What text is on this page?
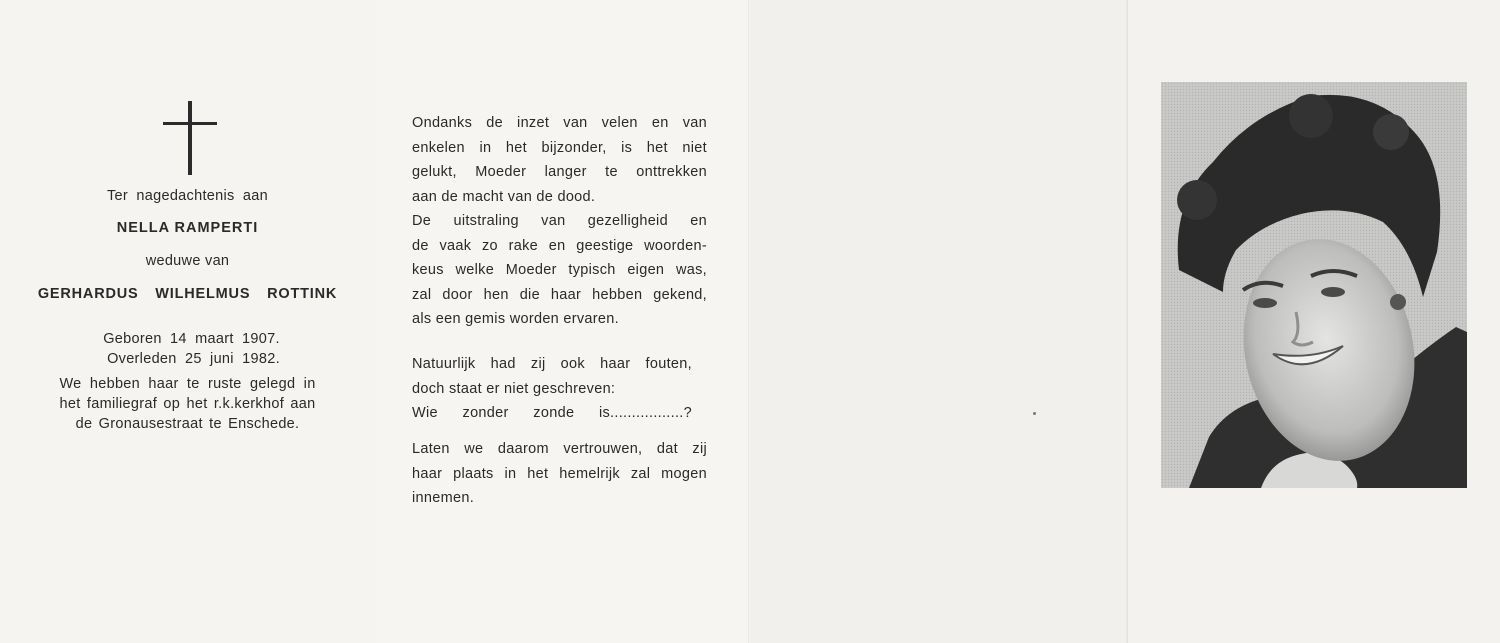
Ter nagedachtenis aan
NELLA RAMPERTI
weduwe van
GERHARDUS WILHELMUS ROTTINK
Geboren 14 maart 1907.
Overleden 25 juni 1982.
We hebben haar te ruste gelegd in
het familiegraf op het r.k.kerkhof aan
de Gronausestraat te Enschede.
Ondanks de inzet van velen en van
enkelen in het bijzonder, is het niet
gelukt, Moeder langer te onttrekken
aan de macht van de dood.
De uitstraling van gezelligheid en
de vaak zo rake en geestige woorden-
keus welke Moeder typisch eigen was,
zal door hen die haar hebben gekend,
als een gemis worden ervaren.
Natuurlijk had zij ook haar fouten,
doch staat er niet geschreven:
Wie zonder zonde is.................?
Laten we daarom vertrouwen, dat zij
haar plaats in het hemelrijk zal mogen
innemen.
